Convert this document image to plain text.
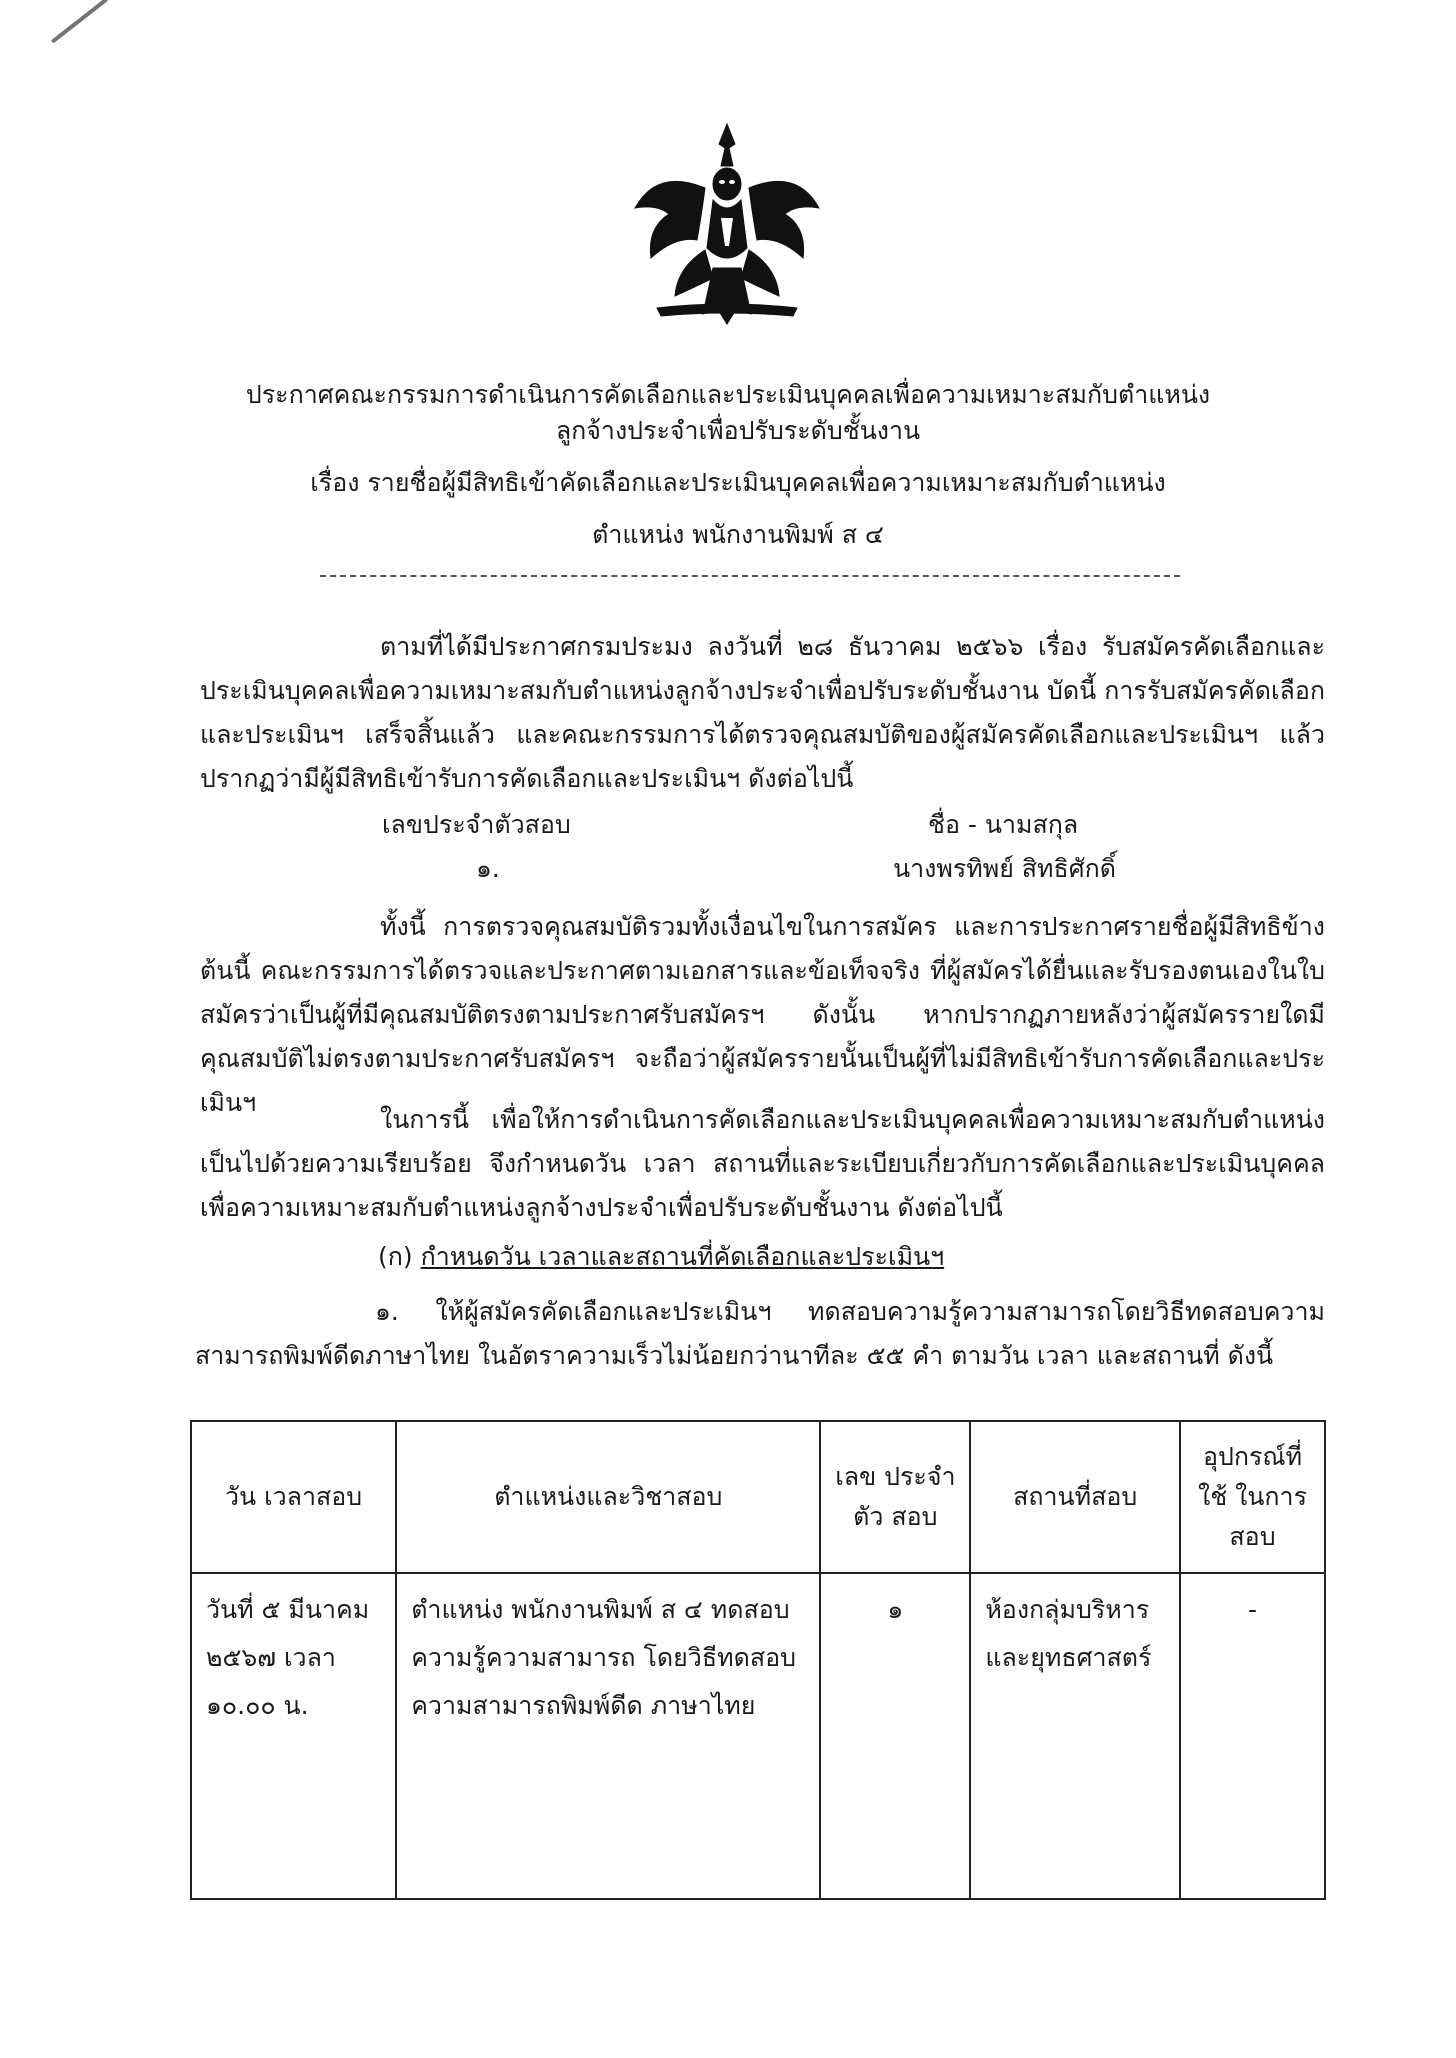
ประกาศคณะกรรมการดำเนินการคัดเลือกและประเมินบุคคลเพื่อความเหมาะสมกับตำแหน่ง
ลูกจ้างประจำเพื่อปรับระดับชั้นงาน
เรื่อง รายชื่อผู้มีสิทธิเข้าคัดเลือกและประเมินบุคคลเพื่อความเหมาะสมกับตำแหน่ง
ตำแหน่ง พนักงานพิมพ์ ส ๔
ตามที่ได้มีประกาศกรมประมง ลงวันที่ ๒๘ ธันวาคม ๒๕๖๖ เรื่อง รับสมัครคัดเลือกและประเมินบุคคลเพื่อความเหมาะสมกับตำแหน่งลูกจ้างประจำเพื่อปรับระดับชั้นงาน บัดนี้ การรับสมัครคัดเลือกและประเมินฯ เสร็จสิ้นแล้ว และคณะกรรมการได้ตรวจคุณสมบัติของผู้สมัครคัดเลือกและประเมินฯ แล้ว ปรากฏว่ามีผู้มีสิทธิเข้ารับการคัดเลือกและประเมินฯ ดังต่อไปนี้
เลขประจำตัวสอบ	ชื่อ - นามสกุล
๑.	นางพรทิพย์ สิทธิศักดิ์
ทั้งนี้ การตรวจคุณสมบัติรวมทั้งเงื่อนไขในการสมัคร และการประกาศรายชื่อผู้มีสิทธิข้างต้นนี้ คณะกรรมการได้ตรวจและประกาศตามเอกสารและข้อเท็จจริง ที่ผู้สมัครได้ยื่นและรับรองตนเองในใบสมัครว่าเป็นผู้ที่มีคุณสมบัติตรงตามประกาศรับสมัครฯ ดังนั้น หากปรากฏภายหลังว่าผู้สมัครรายใดมีคุณสมบัติไม่ตรงตามประกาศรับสมัครฯ จะถือว่าผู้สมัครรายนั้นเป็นผู้ที่ไม่มีสิทธิเข้ารับการคัดเลือกและประเมินฯ
ในการนี้ เพื่อให้การดำเนินการคัดเลือกและประเมินบุคคลเพื่อความเหมาะสมกับตำแหน่งเป็นไปด้วยความเรียบร้อย จึงกำหนดวัน เวลา สถานที่และระเบียบเกี่ยวกับการคัดเลือกและประเมินบุคคลเพื่อความเหมาะสมกับตำแหน่งลูกจ้างประจำเพื่อปรับระดับชั้นงาน ดังต่อไปนี้
(ก) กำหนดวัน เวลาและสถานที่คัดเลือกและประเมินฯ
๑. ให้ผู้สมัครคัดเลือกและประเมินฯ ทดสอบความรู้ความสามารถโดยวิธีทดสอบความสามารถพิมพ์ดีดภาษาไทย ในอัตราความเร็วไม่น้อยกว่านาทีละ ๕๕ คำ ตามวัน เวลา และสถานที่ ดังนี้
วัน เวลาสอบ	ตำแหน่งและวิชาสอบ	เลข ประจำตัว สอบ	สถานที่สอบ	อุปกรณ์ที่ใช้ ในการสอบ
วันที่ ๕ มีนาคม ๒๕๖๗ เวลา ๑๐.๐๐ น.	ตำแหน่ง พนักงานพิมพ์ ส ๔ ทดสอบความรู้ความสามารถ โดยวิธีทดสอบความสามารถพิมพ์ดีด ภาษาไทย	๑	ห้องกลุ่มบริหาร และยุทธศาสตร์	-
